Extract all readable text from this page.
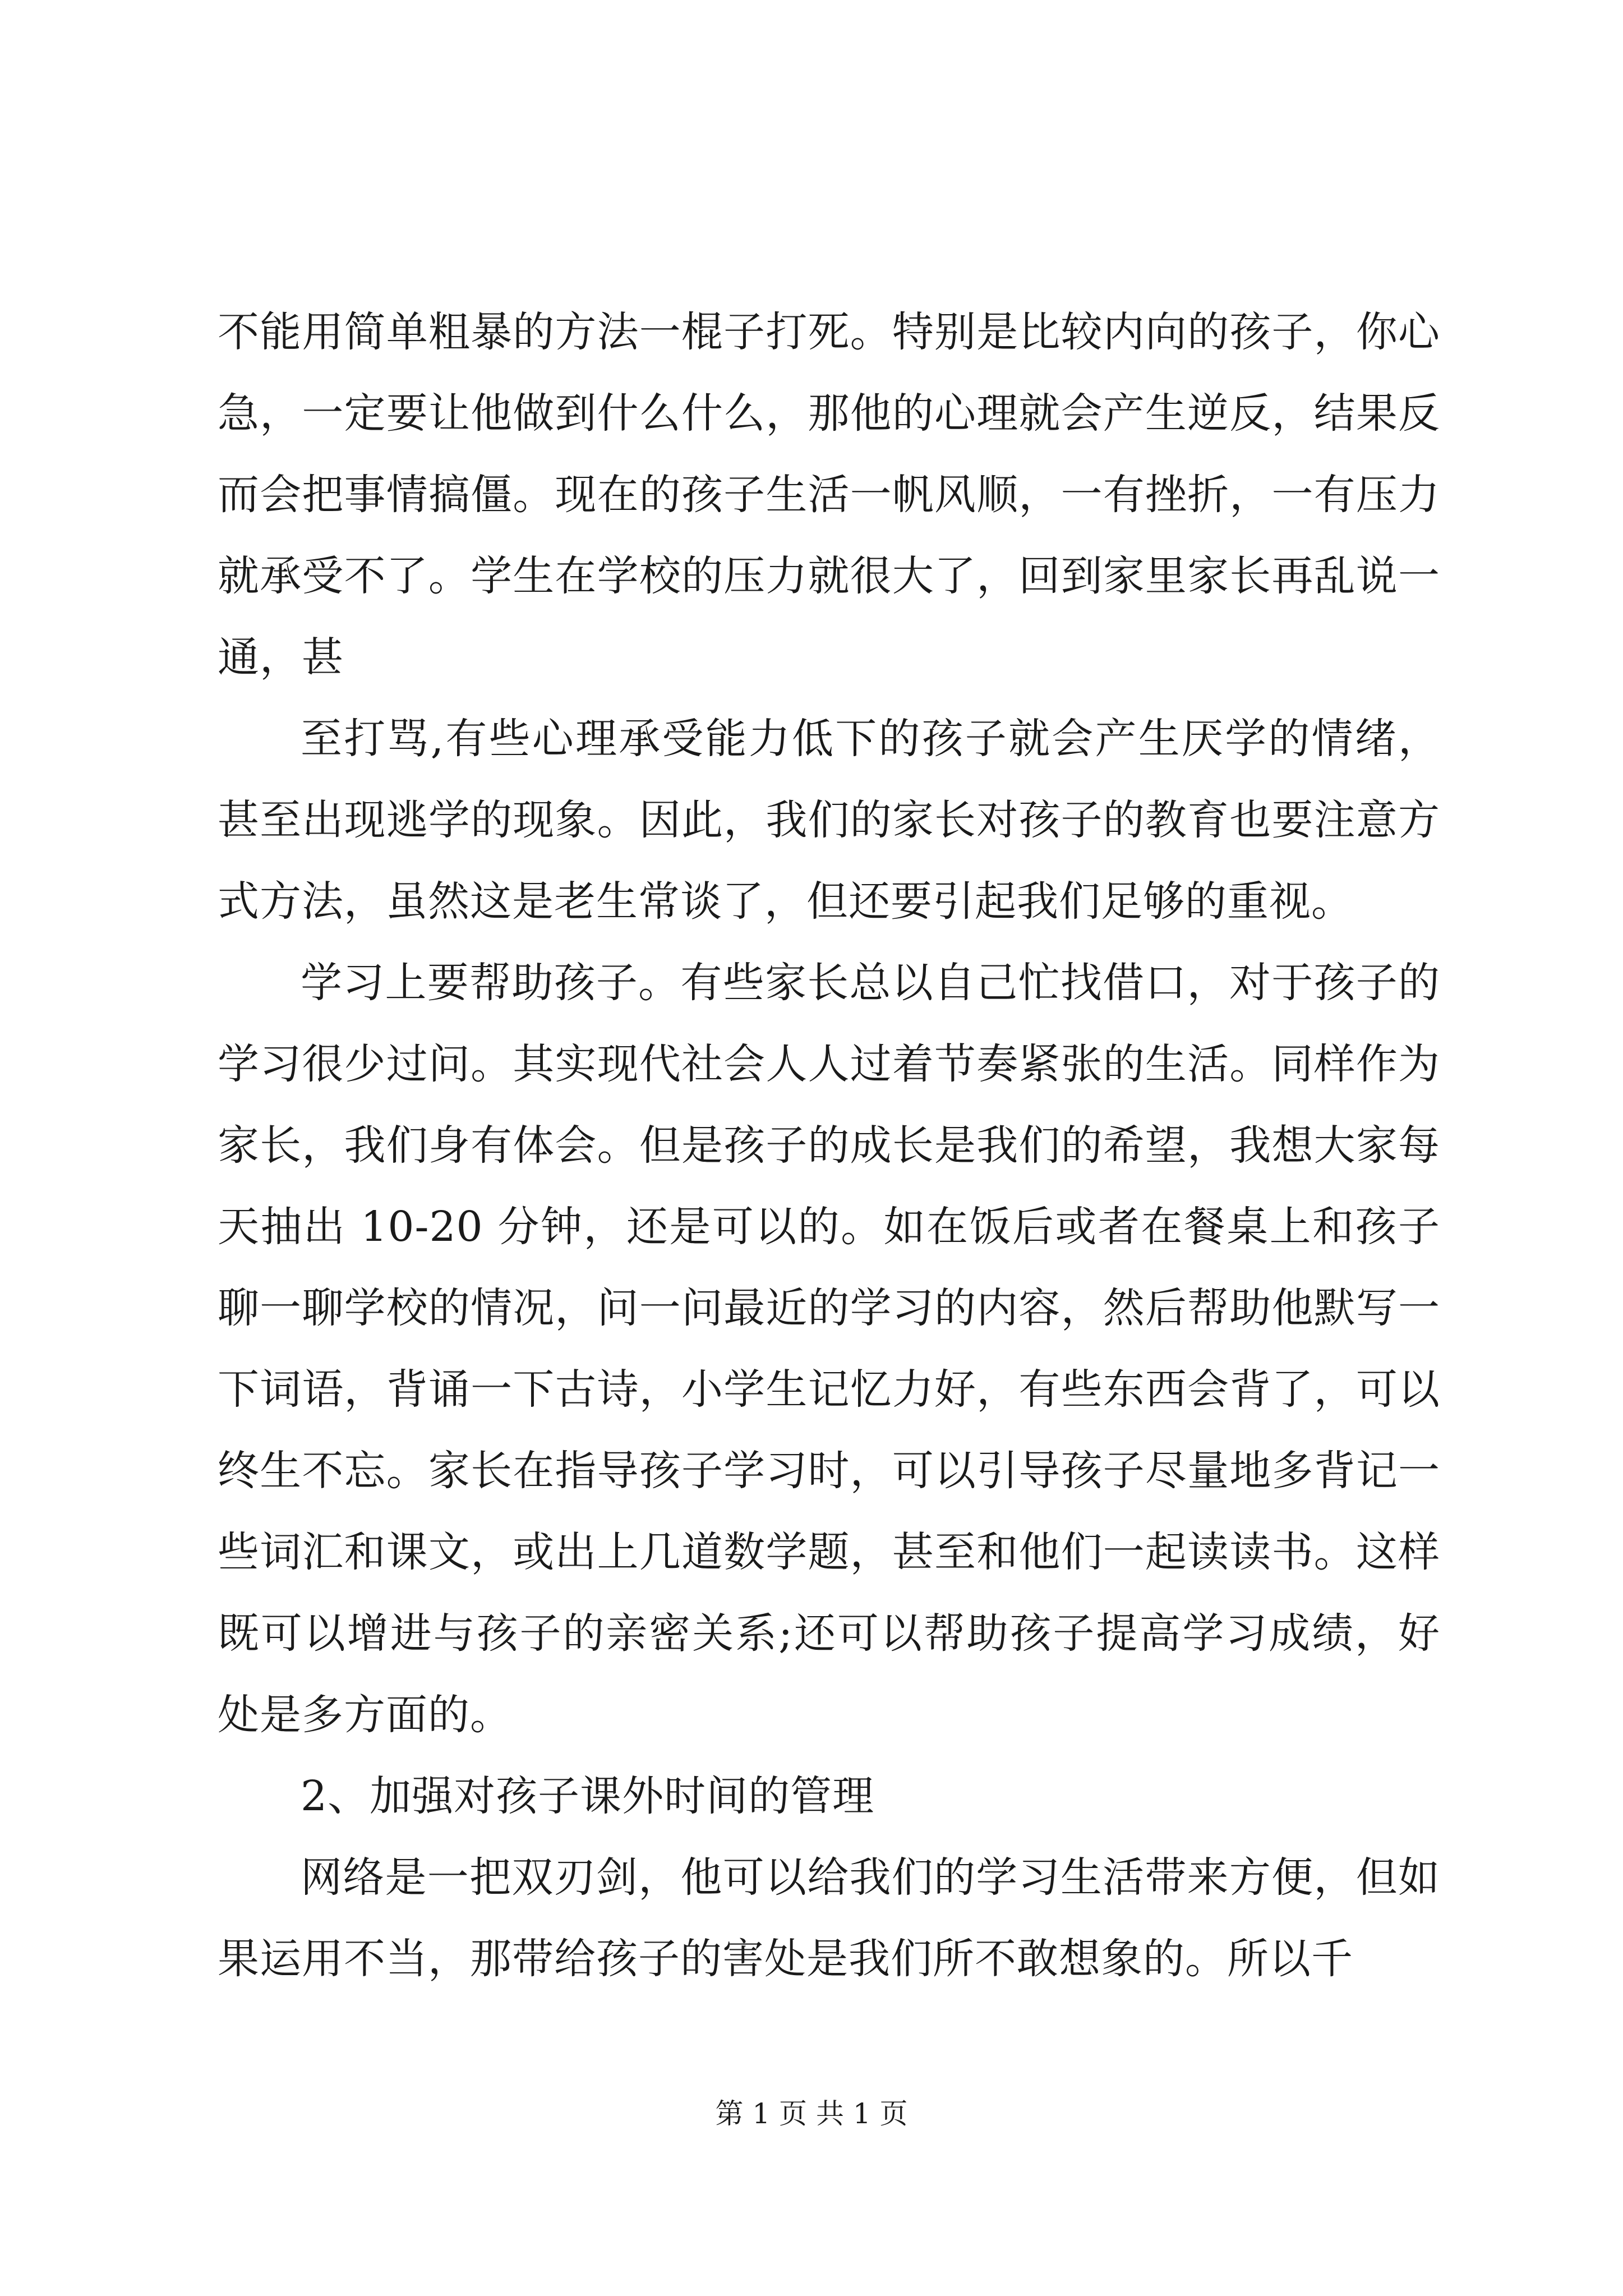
不能用简单粗暴的方法一棍子打死。特别是比较内向的孩子，你心急，一定要让他做到什么什么，那他的心理就会产生逆反，结果反而会把事情搞僵。现在的孩子生活一帆风顺，一有挫折，一有压力就承受不了。学生在学校的压力就很大了，回到家里家长再乱说一通，甚

至打骂,有些心理承受能力低下的孩子就会产生厌学的情绪，甚至出现逃学的现象。因此，我们的家长对孩子的教育也要注意方式方法，虽然这是老生常谈了，但还要引起我们足够的重视。

学习上要帮助孩子。有些家长总以自己忙找借口，对于孩子的学习很少过问。其实现代社会人人过着节奏紧张的生活。同样作为家长，我们身有体会。但是孩子的成长是我们的希望，我想大家每天抽出 10-20 分钟，还是可以的。如在饭后或者在餐桌上和孩子聊一聊学校的情况，问一问最近的学习的内容，然后帮助他默写一下词语，背诵一下古诗，小学生记忆力好，有些东西会背了，可以终生不忘。家长在指导孩子学习时，可以引导孩子尽量地多背记一些词汇和课文，或出上几道数学题，甚至和他们一起读读书。这样既可以增进与孩子的亲密关系;还可以帮助孩子提高学习成绩，好处是多方面的。

2、加强对孩子课外时间的管理

网络是一把双刃剑，他可以给我们的学习生活带来方便，但如果运用不当，那带给孩子的害处是我们所不敢想象的。所以千

第 1 页 共 1 页
